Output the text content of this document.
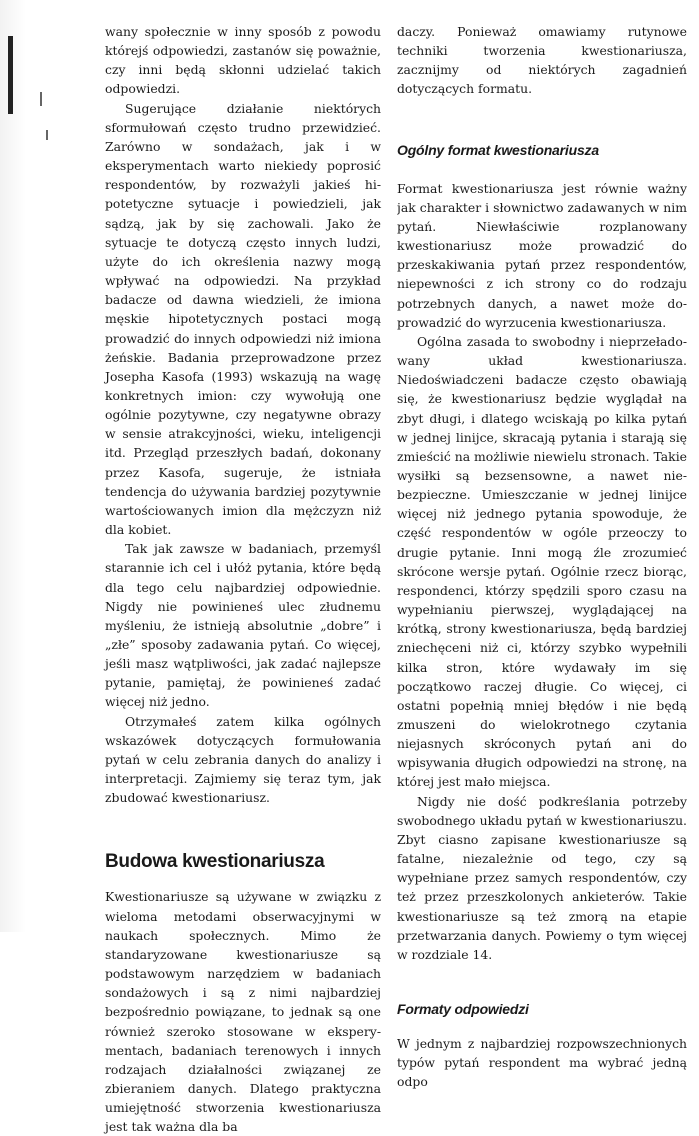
wany społecznie w inny sposób z powodu którejś odpowiedzi, zastanów się poważnie, czy inni będą skłonni udzielać takich odpowiedzi.

Sugerujące działanie niektórych sformułowań często trudno przewidzieć. Zarówno w sondażach, jak i w eksperymentach warto niekiedy poprosić respondentów, by rozważyli jakieś hipotetyczne sytuacje i powiedzieli, jak sądzą, jak by się zachowali. Jako że sytuacje te dotyczą często innych ludzi, użyte do ich określenia nazwy mogą wpływać na odpowiedzi. Na przykład badacze od dawna wiedzieli, że imiona męskie hipotetycznych postaci mogą prowadzić do innych odpowiedzi niż imiona żeńskie. Badania przeprowadzone przez Josepha Kasofa (1993) wskazują na wagę konkretnych imion: czy wywołują one ogólnie pozytywne, czy negatywne obrazy w sensie atrakcyjności, wieku, inteligencji itd. Przegląd przeszłych badań, dokonany przez Kasofa, sugeruje, że istniała tendencja do używania bardziej pozytywnie wartościowanych imion dla mężczyzn niż dla kobiet.

Tak jak zawsze w badaniach, przemyśl starannie ich cel i ułóż pytania, które będą dla tego celu najbardziej odpowiednie. Nigdy nie powinieneś ulec złudnemu myśleniu, że istnieją absolutnie „dobre” i „złe” sposoby zadawania pytań. Co więcej, jeśli masz wątpliwości, jak zadać najlepsze pytanie, pamiętaj, że powinieneś zadać więcej niż jedno.

Otrzymałeś zatem kilka ogólnych wskazówek dotyczących formułowania pytań w celu zebrania danych do analizy i interpretacji. Zajmiemy się teraz tym, jak zbudować kwestionariusz.

Budowa kwestionariusza

Kwestionariusze są używane w związku z wieloma metodami obserwacyjnymi w naukach społecznych. Mimo że standaryzowane kwestionariusze są podstawowym narzędziem w badaniach sondażowych i są z nimi najbardziej bezpośrednio powiązane, to jednak są one również szeroko stosowane w eksperymentach, badaniach terenowych i innych rodzajach działalności związanej ze zbieraniem danych. Dlatego praktyczna umiejętność stworzenia kwestionariusza jest tak ważna dla ba

daczy. Ponieważ omawiamy rutynowe techniki tworzenia kwestionariusza, zacznijmy od niektórych zagadnień dotyczących formatu.

Ogólny format kwestionariusza

Format kwestionariusza jest równie ważny jak charakter i słownictwo zadawanych w nim pytań. Niewłaściwie rozplanowany kwestionariusz może prowadzić do przeskakiwania pytań przez respondentów, niepewności z ich strony co do rodzaju potrzebnych danych, a nawet może doprowadzić do wyrzucenia kwestionariusza.

Ogólna zasada to swobodny i nieprzeładowany układ kwestionariusza. Niedoświadczeni badacze często obawiają się, że kwestionariusz będzie wyglądał na zbyt długi, i dlatego wciskają po kilka pytań w jednej linijce, skracają pytania i starają się zmieścić na możliwie niewielu stronach. Takie wysiłki są bezsensowne, a nawet niebezpieczne. Umieszczanie w jednej linijce więcej niż jednego pytania spowoduje, że część respondentów w ogóle przeoczy to drugie pytanie. Inni mogą źle zrozumieć skrócone wersje pytań. Ogólnie rzecz biorąc, respondenci, którzy spędzili sporo czasu na wypełnianiu pierwszej, wyglądającej na krótką, strony kwestionariusza, będą bardziej zniechęceni niż ci, którzy szybko wypełnili kilka stron, które wydawały im się początkowo raczej długie. Co więcej, ci ostatni popełnią mniej błędów i nie będą zmuszeni do wielokrotnego czytania niejasnych skróconych pytań ani do wpisywania długich odpowiedzi na stronę, na której jest mało miejsca.

Nigdy nie dość podkreślania potrzeby swobodnego układu pytań w kwestionariuszu. Zbyt ciasno zapisane kwestionariusze są fatalne, niezależnie od tego, czy są wypełniane przez samych respondentów, czy też przez przeszkolonych ankieterów. Takie kwestionariusze są też zmorą na etapie przetwarzania danych. Powiemy o tym więcej w rozdziale 14.

Formaty odpowiedzi

W jednym z najbardziej rozpowszechnionych typów pytań respondent ma wybrać jedną odpo
